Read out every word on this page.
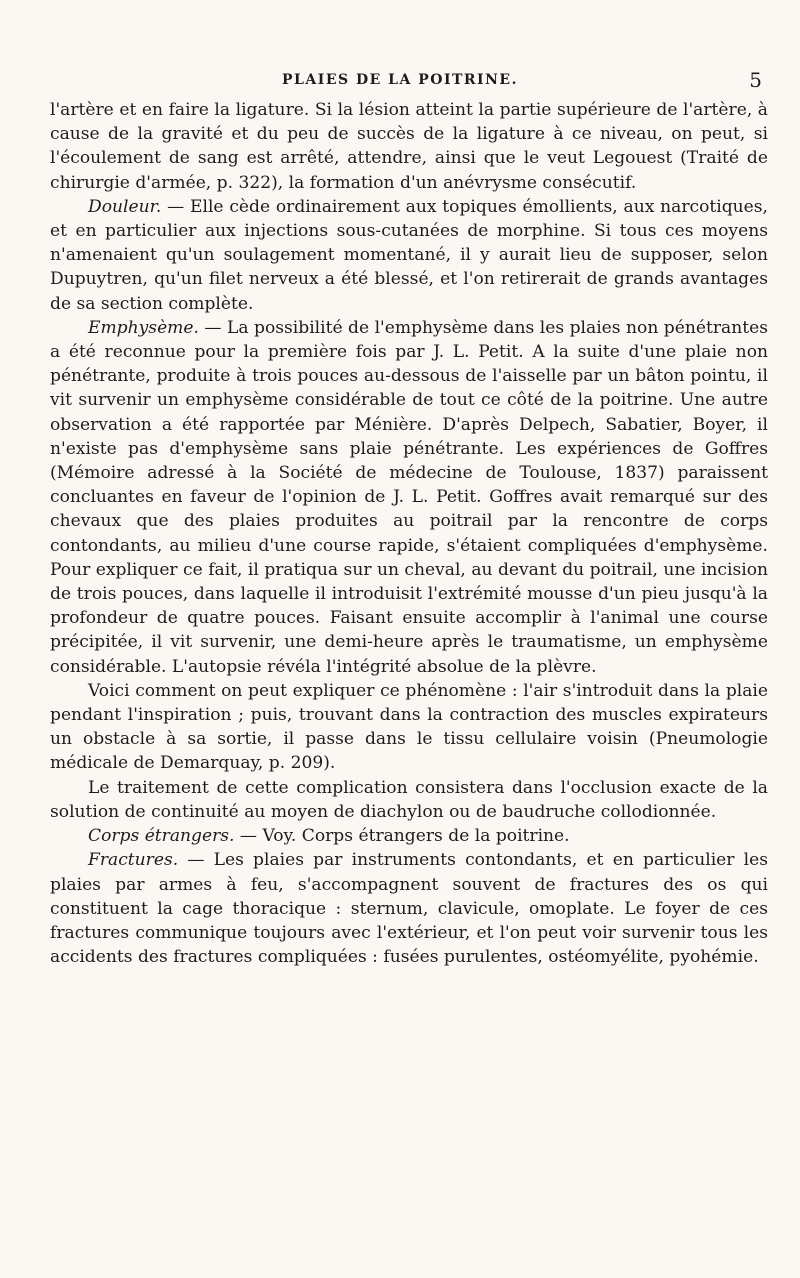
PLAIES DE LA POITRINE.	5

l'artère et en faire la ligature. Si la lésion atteint la partie supérieure de l'artère, à cause de la gravité et du peu de succès de la ligature à ce niveau, on peut, si l'écoulement de sang est arrêté, attendre, ainsi que le veut Legouest (Traité de chirurgie d'armée, p. 322), la formation d'un anévrysme consécutif.

Douleur. — Elle cède ordinairement aux topiques émollients, aux narcotiques, et en particulier aux injections sous-cutanées de morphine. Si tous ces moyens n'amenaient qu'un soulagement momentané, il y aurait lieu de supposer, selon Dupuytren, qu'un filet nerveux a été blessé, et l'on retirerait de grands avantages de sa section complète.

Emphysème. — La possibilité de l'emphysème dans les plaies non pénétrantes a été reconnue pour la première fois par J. L. Petit. A la suite d'une plaie non pénétrante, produite à trois pouces au-dessous de l'aisselle par un bâton pointu, il vit survenir un emphysème considérable de tout ce côté de la poitrine. Une autre observation a été rapportée par Ménière. D'après Delpech, Sabatier, Boyer, il n'existe pas d'emphysème sans plaie pénétrante. Les expériences de Goffres (Mémoire adressé à la Société de médecine de Toulouse, 1837) paraissent concluantes en faveur de l'opinion de J. L. Petit. Goffres avait remarqué sur des chevaux que des plaies produites au poitrail par la rencontre de corps contondants, au milieu d'une course rapide, s'étaient compliquées d'emphysème. Pour expliquer ce fait, il pratiqua sur un cheval, au devant du poitrail, une incision de trois pouces, dans laquelle il introduisit l'extrémité mousse d'un pieu jusqu'à la profondeur de quatre pouces. Faisant ensuite accomplir à l'animal une course précipitée, il vit survenir, une demi-heure après le traumatisme, un emphysème considérable. L'autopsie révéla l'intégrité absolue de la plèvre.

Voici comment on peut expliquer ce phénomène : l'air s'introduit dans la plaie pendant l'inspiration ; puis, trouvant dans la contraction des muscles expirateurs un obstacle à sa sortie, il passe dans le tissu cellulaire voisin (Pneumologie médicale de Demarquay, p. 209).

Le traitement de cette complication consistera dans l'occlusion exacte de la solution de continuité au moyen de diachylon ou de baudruche collodionnée.

Corps étrangers. — Voy. Corps étrangers de la poitrine.

Fractures. — Les plaies par instruments contondants, et en particulier les plaies par armes à feu, s'accompagnent souvent de fractures des os qui constituent la cage thoracique : sternum, clavicule, omoplate. Le foyer de ces fractures communique toujours avec l'extérieur, et l'on peut voir survenir tous les accidents des fractures compliquées : fusées purulentes, ostéomyélite, pyohémie.
